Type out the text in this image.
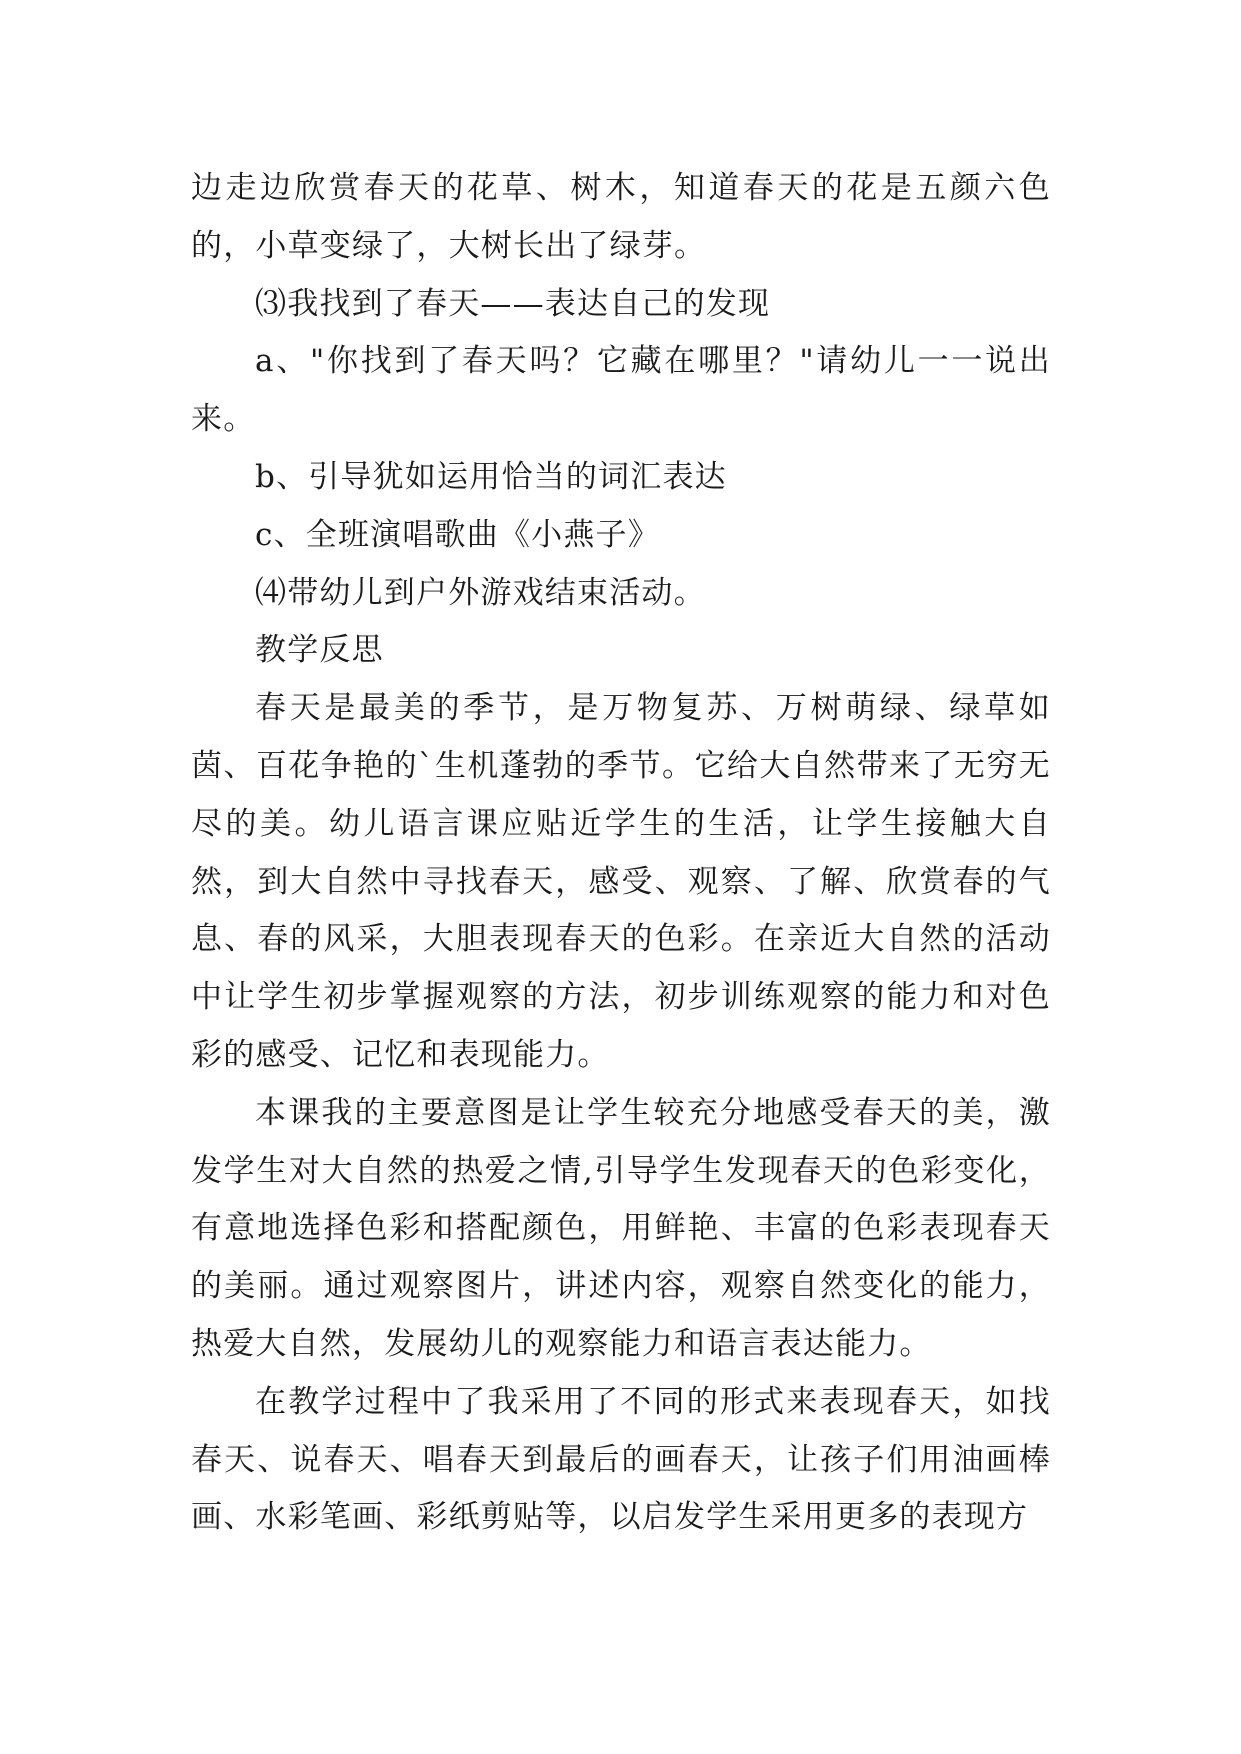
边走边欣赏春天的花草、树木，知道春天的花是五颜六色的，小草变绿了，大树长出了绿芽。

⑶我找到了春天——表达自己的发现

a、"你找到了春天吗？它藏在哪里？"请幼儿一一说出来。

b、引导犹如运用恰当的词汇表达

c、全班演唱歌曲《小燕子》

⑷带幼儿到户外游戏结束活动。

教学反思

春天是最美的季节，是万物复苏、万树萌绿、绿草如茵、百花争艳的`生机蓬勃的季节。它给大自然带来了无穷无尽的美。幼儿语言课应贴近学生的生活，让学生接触大自然，到大自然中寻找春天，感受、观察、了解、欣赏春的气息、春的风采，大胆表现春天的色彩。在亲近大自然的活动中让学生初步掌握观察的方法，初步训练观察的能力和对色彩的感受、记忆和表现能力。

本课我的主要意图是让学生较充分地感受春天的美，激发学生对大自然的热爱之情,引导学生发现春天的色彩变化，有意地选择色彩和搭配颜色，用鲜艳、丰富的色彩表现春天的美丽。通过观察图片，讲述内容，观察自然变化的能力，热爱大自然，发展幼儿的观察能力和语言表达能力。

在教学过程中了我采用了不同的形式来表现春天，如找春天、说春天、唱春天到最后的画春天，让孩子们用油画棒画、水彩笔画、彩纸剪贴等，以启发学生采用更多的表现方
